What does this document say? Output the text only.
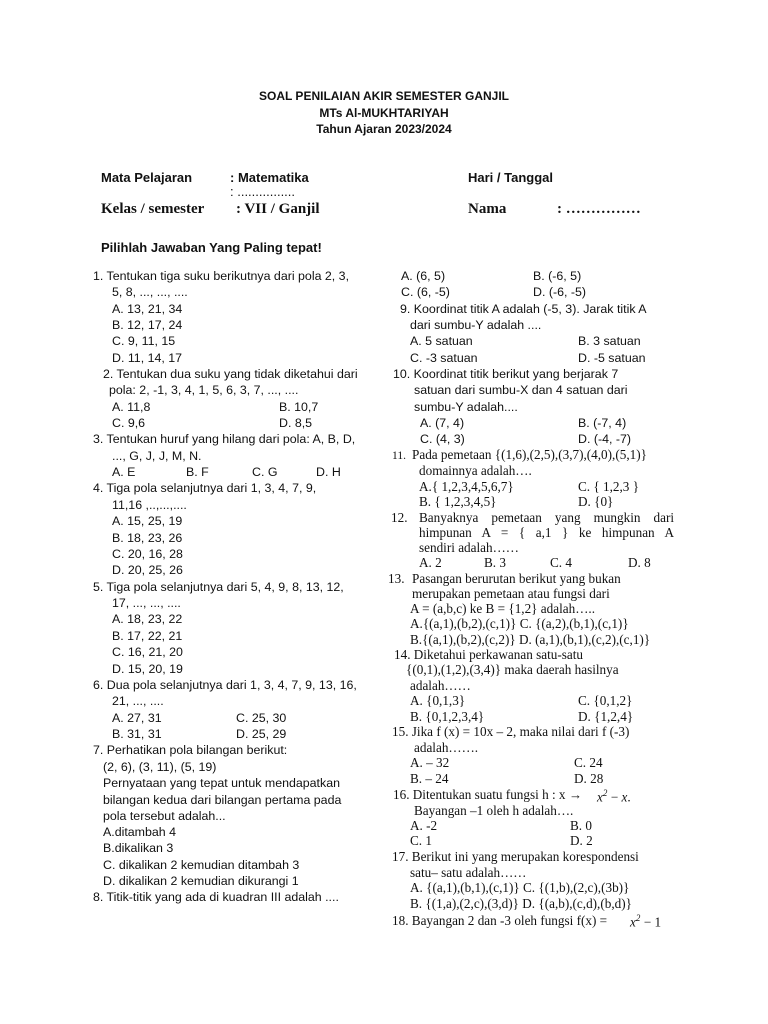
SOAL PENILAIAN AKIR SEMESTER GANJIL
MTs Al-MUKHTARIYAH
Tahun Ajaran 2023/2024
Mata Pelajaran	: Matematika
: ................
Hari / Tanggal
Kelas / semester : VII / Ganjil	Nama	: ……………
Pilihlah Jawaban Yang Paling tepat!
1. Tentukan tiga suku berikutnya dari pola 2, 3,
5, 8, ..., ..., ....
A. 13, 21, 34
B. 12, 17, 24
C. 9, 11, 15
D. 11, 14, 17
2. Tentukan dua suku yang tidak diketahui dari
pola: 2, -1, 3, 4, 1, 5, 6, 3, 7, ..., ....
A. 11,8	B. 10,7
C. 9,6	D. 8,5
3. Tentukan huruf yang hilang dari pola: A, B, D,
..., G, J, J, M, N.
A. E	B. F	C. G	D. H
4. Tiga pola selanjutnya dari 1, 3, 4, 7, 9,
11,16 ,..,...,....
A. 15, 25, 19
B. 18, 23, 26
C. 20, 16, 28
D. 20, 25, 26
5. Tiga pola selanjutnya dari 5, 4, 9, 8, 13, 12,
17, ..., ..., ....
A. 18, 23, 22
B. 17, 22, 21
C. 16, 21, 20
D. 15, 20, 19
6. Dua pola selanjutnya dari 1, 3, 4, 7, 9, 13, 16,
21, ..., ....
A. 27, 31	C. 25, 30
B. 31, 31	D. 25, 29
7. Perhatikan pola bilangan berikut:
(2, 6), (3, 11), (5, 19)
Pernyataan yang tepat untuk mendapatkan
bilangan kedua dari bilangan pertama pada
pola tersebut adalah...
A.ditambah 4
B.dikalikan 3
C. dikalikan 2 kemudian ditambah 3
D. dikalikan 2 kemudian dikurangi 1
8. Titik-titik yang ada di kuadran III adalah ....
A. (6, 5)	B. (-6, 5)
C. (6, -5)	D. (-6, -5)
9. Koordinat titik A adalah (-5, 3). Jarak titik A
dari sumbu-Y adalah ....
A. 5 satuan	B. 3 satuan
C. -3 satuan	D. -5 satuan
10. Koordinat titik berikut yang berjarak 7
satuan dari sumbu-X dan 4 satuan dari
sumbu-Y adalah....
A. (7, 4)	B. (-7, 4)
C. (4, 3)	D. (-4, -7)
11. Pada pemetaan {(1,6),(2,5),(3,7),(4,0),(5,1)}
domainnya adalah….
A.{ 1,2,3,4,5,6,7}	C. { 1,2,3 }
B. { 1,2,3,4,5}	D. {0}
12. Banyaknya pemetaan yang mungkin dari
himpunan A = { a,1 } ke himpunan A
sendiri adalah……
A. 2	B. 3	C. 4	D. 8
13. Pasangan berurutan berikut yang bukan
merupakan pemetaan atau fungsi dari
A = (a,b,c) ke B = {1,2} adalah…..
A.{(a,1),(b,2),(c,1)} C. {(a,2),(b,1),(c,1)}
B.{(a,1),(b,2),(c,2)} D. (a,1),(b,1),(c,2),(c,1)}
14. Diketahui perkawanan satu-satu
{(0,1),(1,2),(3,4)} maka daerah hasilnya
adalah……
A. {0,1,3}	C. {0,1,2}
B. {0,1,2,3,4}	D. {1,2,4}
15. Jika f (x) = 10x – 2, maka nilai dari f (-3)
adalah…….
A. – 32	C. 24
B. – 24	D. 28
16. Ditentukan suatu fungsi h : $x \to x^2 - x$.
Bayangan –1 oleh h adalah….
A. -2	B. 0
C. 1	D. 2
17. Berikut ini yang merupakan korespondensi
satu– satu adalah……
A. {(a,1),(b,1),(c,1)} C. {(1,b),(2,c),(3b)}
B. {(1,a),(2,c),(3,d)} D. {(a,b),(c,d),(b,d)}
18. Bayangan 2 dan -3 oleh fungsi $f(x) = x^2 - 1$
